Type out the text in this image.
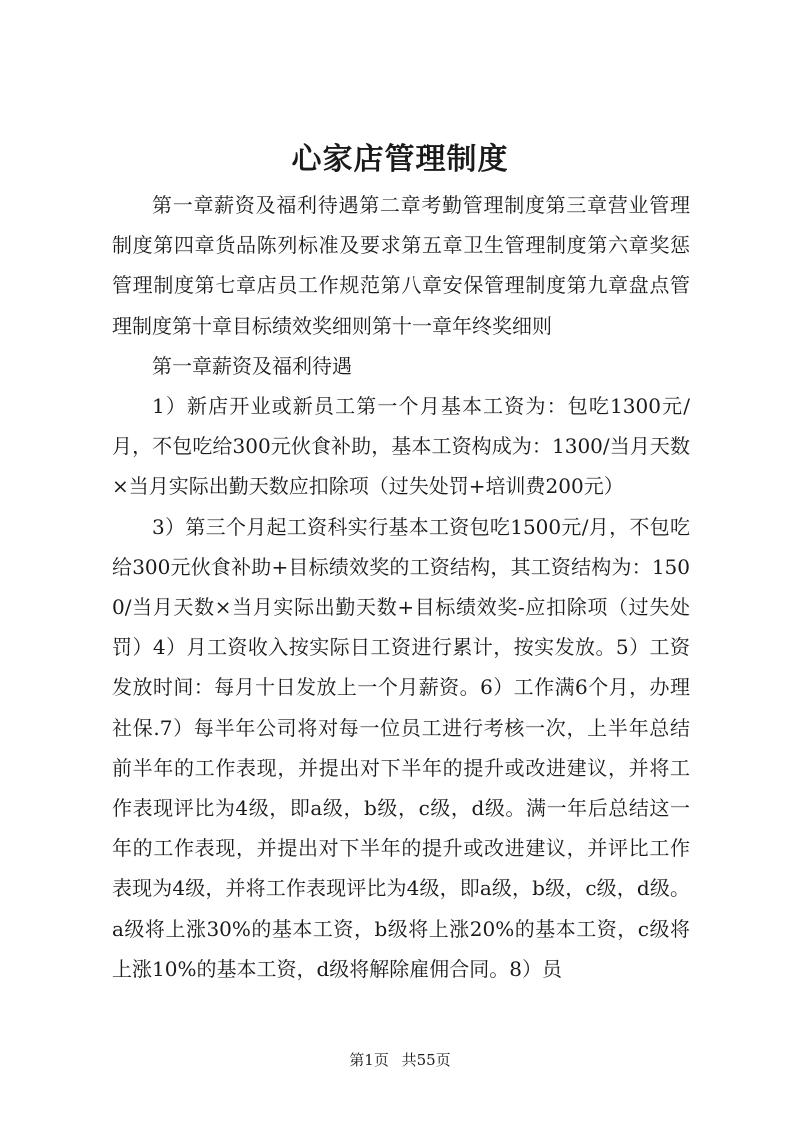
心家店管理制度

第一章薪资及福利待遇第二章考勤管理制度第三章营业管理制度第四章货品陈列标准及要求第五章卫生管理制度第六章奖惩管理制度第七章店员工作规范第八章安保管理制度第九章盘点管理制度第十章目标绩效奖细则第十一章年终奖细则

第一章薪资及福利待遇

1）新店开业或新员工第一个月基本工资为：包吃1300元/月，不包吃给300元伙食补助，基本工资构成为：1300/当月天数×当月实际出勤天数应扣除项（过失处罚+培训费200元）

3）第三个月起工资科实行基本工资包吃1500元/月，不包吃给300元伙食补助+目标绩效奖的工资结构，其工资结构为：1500/当月天数×当月实际出勤天数+目标绩效奖-应扣除项（过失处罚）4）月工资收入按实际日工资进行累计，按实发放。5）工资发放时间：每月十日发放上一个月薪资。6）工作满6个月，办理社保.7）每半年公司将对每一位员工进行考核一次，上半年总结前半年的工作表现，并提出对下半年的提升或改进建议，并将工作表现评比为4级，即a级，b级，c级，d级。满一年后总结这一年的工作表现，并提出对下半年的提升或改进建议，并评比工作表现为4级，并将工作表现评比为4级，即a级，b级，c级，d级。a级将上涨30%的基本工资，b级将上涨20%的基本工资，c级将上涨10%的基本工资，d级将解除雇佣合同。8）员

第1页 共55页
